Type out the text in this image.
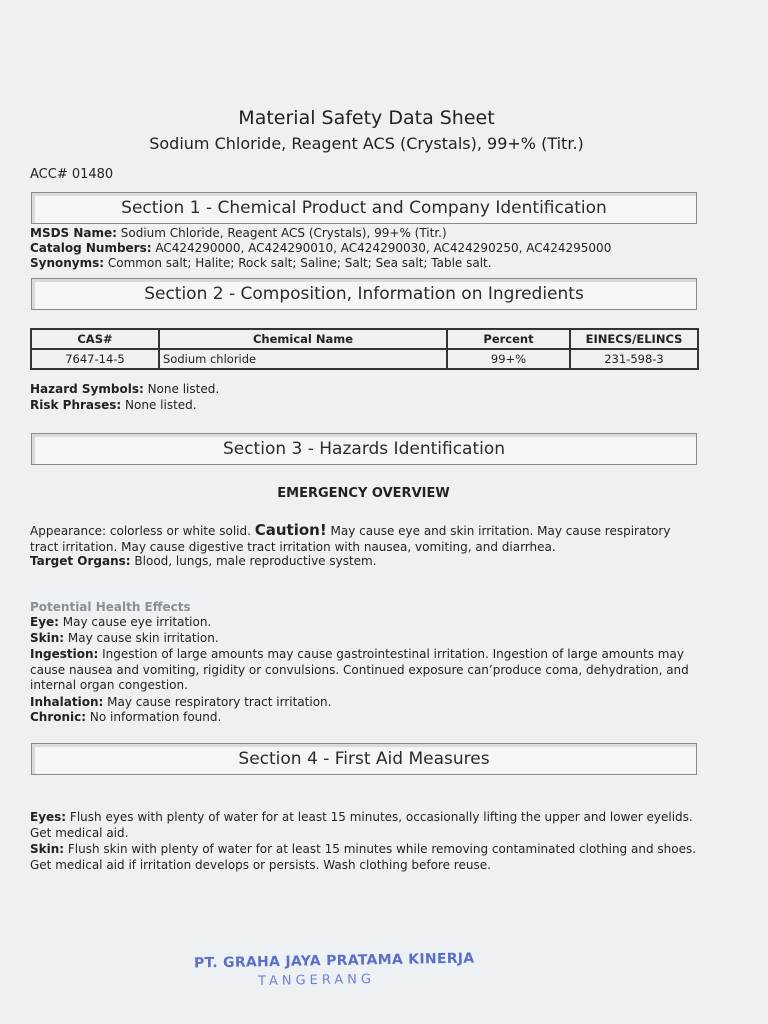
Material Safety Data Sheet
Sodium Chloride, Reagent ACS (Crystals), 99+% (Titr.)
ACC# 01480
Section 1 - Chemical Product and Company Identification
MSDS Name: Sodium Chloride, Reagent ACS (Crystals), 99+% (Titr.)
Catalog Numbers: AC424290000, AC424290010, AC424290030, AC424290250, AC424295000
Synonyms: Common salt; Halite; Rock salt; Saline; Salt; Sea salt; Table salt.
Section 2 - Composition, Information on Ingredients
CAS#	Chemical Name	Percent	EINECS/ELINCS
7647-14-5	Sodium chloride	99+%	231-598-3
Hazard Symbols: None listed.
Risk Phrases: None listed.
Section 3 - Hazards Identification
EMERGENCY OVERVIEW
Appearance: colorless or white solid. Caution! May cause eye and skin irritation. May cause respiratory tract irritation. May cause digestive tract irritation with nausea, vomiting, and diarrhea.
Target Organs: Blood, lungs, male reproductive system.
Potential Health Effects
Eye: May cause eye irritation.
Skin: May cause skin irritation.
Ingestion: Ingestion of large amounts may cause gastrointestinal irritation. Ingestion of large amounts may cause nausea and vomiting, rigidity or convulsions. Continued exposure can’produce coma, dehydration, and internal organ congestion.
Inhalation: May cause respiratory tract irritation.
Chronic: No information found.
Section 4 - First Aid Measures
Eyes: Flush eyes with plenty of water for at least 15 minutes, occasionally lifting the upper and lower eyelids. Get medical aid.
Skin: Flush skin with plenty of water for at least 15 minutes while removing contaminated clothing and shoes. Get medical aid if irritation develops or persists. Wash clothing before reuse.
PT. GRAHA JAYA PRATAMA KINERJA
TANGERANG
